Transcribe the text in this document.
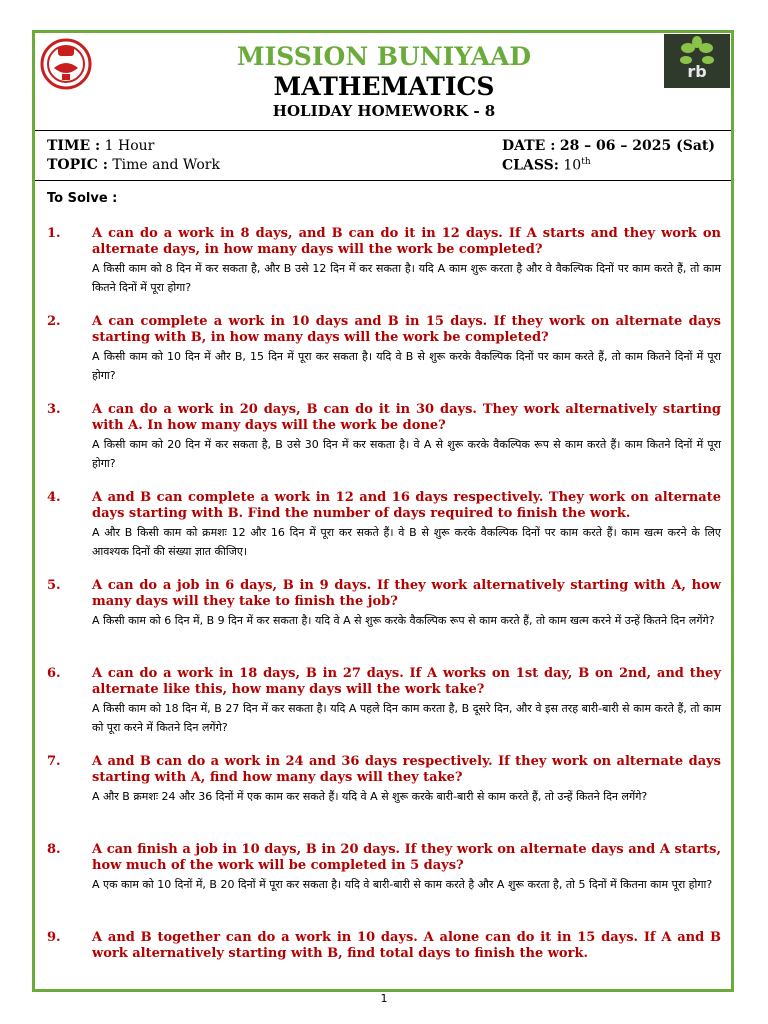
rb
MISSION BUNIYAAD
MATHEMATICS
HOLIDAY HOMEWORK - 8
TIME : 1 Hour
TOPIC : Time and Work
DATE : 28 – 06 – 2025 (Sat)
CLASS: 10th
To Solve :
1. A can do a work in 8 days, and B can do it in 12 days. If A starts and they work on alternate days, in how many days will the work be completed?
A किसी काम को 8 दिन में कर सकता है, और B उसे 12 दिन में कर सकता है। यदि A काम शुरू करता है और वे वैकल्पिक दिनों पर काम करते हैं, तो काम कितने दिनों में पूरा होगा?
2. A can complete a work in 10 days and B in 15 days. If they work on alternate days starting with B, in how many days will the work be completed?
A किसी काम को 10 दिन में और B, 15 दिन में पूरा कर सकता है। यदि वे B से शुरू करके वैकल्पिक दिनों पर काम करते हैं, तो काम कितने दिनों में पूरा होगा?
3. A can do a work in 20 days, B can do it in 30 days. They work alternatively starting with A. In how many days will the work be done?
A किसी काम को 20 दिन में कर सकता है, B उसे 30 दिन में कर सकता है। वे A से शुरू करके वैकल्पिक रूप से काम करते हैं। काम कितने दिनों में पूरा होगा?
4. A and B can complete a work in 12 and 16 days respectively. They work on alternate days starting with B. Find the number of days required to finish the work.
A और B किसी काम को क्रमशः 12 और 16 दिन में पूरा कर सकते हैं। वे B से शुरू करके वैकल्पिक दिनों पर काम करते हैं। काम खत्म करने के लिए आवश्यक दिनों की संख्या ज्ञात कीजिए।
5. A can do a job in 6 days, B in 9 days. If they work alternatively starting with A, how many days will they take to finish the job?
A किसी काम को 6 दिन में, B 9 दिन में कर सकता है। यदि वे A से शुरू करके वैकल्पिक रूप से काम करते हैं, तो काम खत्म करने में उन्हें कितने दिन लगेंगे?
6. A can do a work in 18 days, B in 27 days. If A works on 1st day, B on 2nd, and they alternate like this, how many days will the work take?
A किसी काम को 18 दिन में, B 27 दिन में कर सकता है। यदि A पहले दिन काम करता है, B दूसरे दिन, और वे इस तरह बारी-बारी से काम करते हैं, तो काम को पूरा करने में कितने दिन लगेंगे?
7. A and B can do a work in 24 and 36 days respectively. If they work on alternate days starting with A, find how many days will they take?
A और B क्रमशः 24 और 36 दिनों में एक काम कर सकते हैं। यदि वे A से शुरू करके बारी-बारी से काम करते हैं, तो उन्हें कितने दिन लगेंगे?
8. A can finish a job in 10 days, B in 20 days. If they work on alternate days and A starts, how much of the work will be completed in 5 days?
A एक काम को 10 दिनों में, B 20 दिनों में पूरा कर सकता है। यदि वे बारी-बारी से काम करते है और A शुरू करता है, तो 5 दिनों में कितना काम पूरा होगा?
9. A and B together can do a work in 10 days. A alone can do it in 15 days. If A and B work alternatively starting with B, find total days to finish the work.
1
